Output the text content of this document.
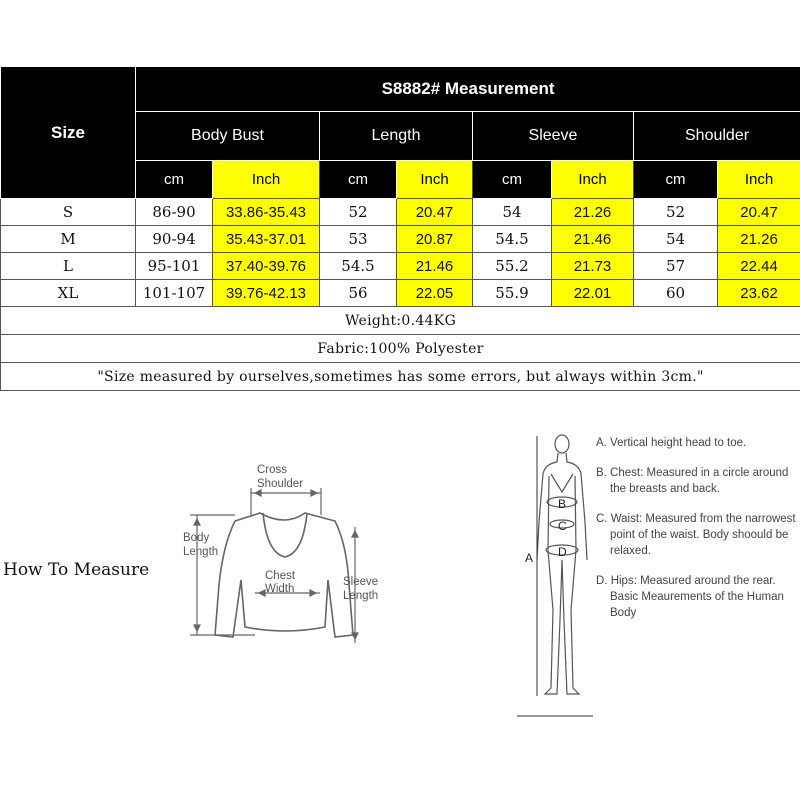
Size	S8882# Measurement							
	Body Bust		Length		Sleeve		Shoulder	
	cm	Inch	cm	Inch	cm	Inch	cm	Inch
S	86-90	33.86-35.43	52	20.47	54	21.26	52	20.47
M	90-94	35.43-37.01	53	20.87	54.5	21.46	54	21.26
L	95-101	37.40-39.76	54.5	21.46	55.2	21.73	57	22.44
XL	101-107	39.76-42.13	56	22.05	55.9	22.01	60	23.62
Weight:0.44KG								
Fabric:100% Polyester								
"Size measured by ourselves,sometimes has some errors, but always within 3cm."								
How To Measure
Cross
Shoulder
Body
Length
Chest
Width
Sleeve
Length
A
B
C
D

A. Vertical height head to toe.

B. Chest: Measured in a circle around the breasts and back.

C. Waist: Measured from the narrowest point of the waist. Body shoould be relaxed.

D. Hips: Measured around the rear. Basic Meaurements of the Human Body
